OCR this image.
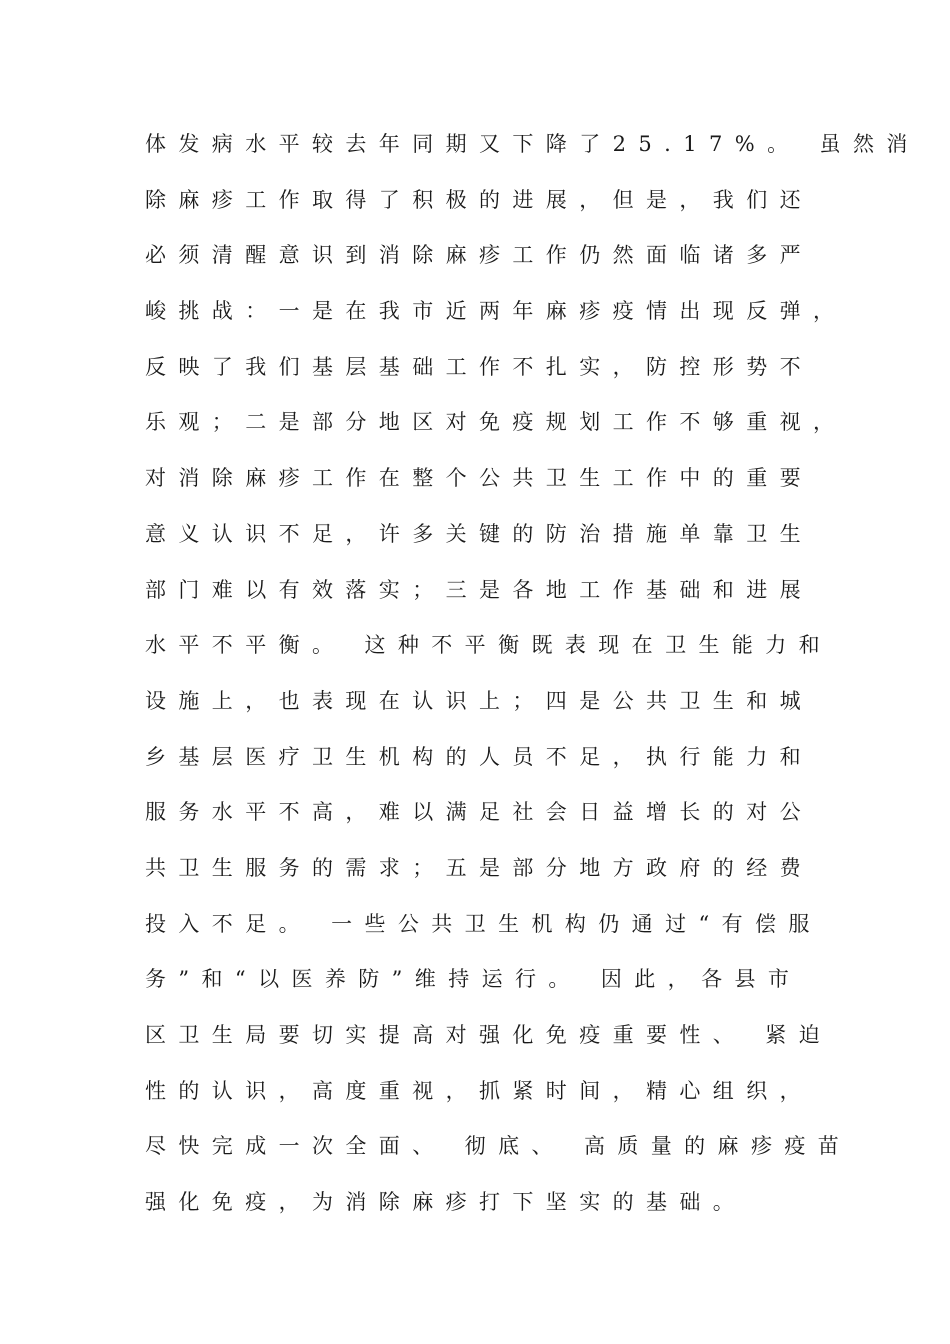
体发病水平较去年同期又下降了25.17%。 虽然消
除麻疹工作取得了积极的进展，但是，我们还
必须清醒意识到消除麻疹工作仍然面临诸多严
峻挑战：一是在我市近两年麻疹疫情出现反弹，
反映了我们基层基础工作不扎实，防控形势不
乐观；二是部分地区对免疫规划工作不够重视，
对消除麻疹工作在整个公共卫生工作中的重要
意义认识不足，许多关键的防治措施单靠卫生
部门难以有效落实；三是各地工作基础和进展
水平不平衡。 这种不平衡既表现在卫生能力和
设施上，也表现在认识上；四是公共卫生和城
乡基层医疗卫生机构的人员不足，执行能力和
服务水平不高，难以满足社会日益增长的对公
共卫生服务的需求；五是部分地方政府的经费
投入不足。 一些公共卫生机构仍通过“有偿服
务”和“以医养防”维持运行。 因此，各县市
区卫生局要切实提高对强化免疫重要性、 紧迫
性的认识，高度重视，抓紧时间，精心组织，
尽快完成一次全面、 彻底、 高质量的麻疹疫苗
强化免疫，为消除麻疹打下坚实的基础。
